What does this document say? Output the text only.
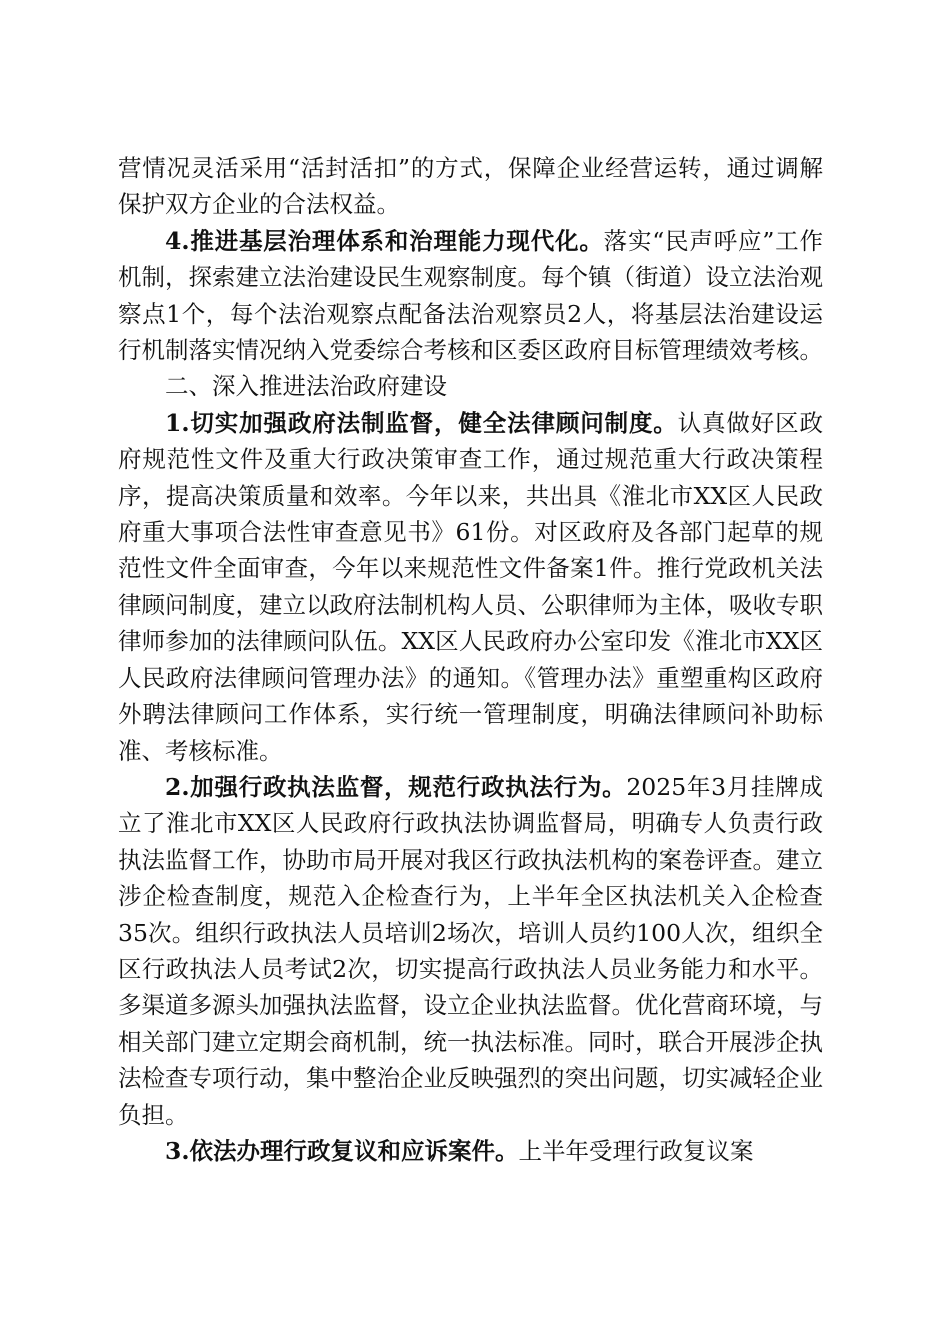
营情况灵活采用“活封活扣”的方式，保障企业经营运转，通过调解保护双方企业的合法权益。

4.推进基层治理体系和治理能力现代化。落实“民声呼应”工作机制，探索建立法治建设民生观察制度。每个镇（街道）设立法治观察点1个，每个法治观察点配备法治观察员2人，将基层法治建设运行机制落实情况纳入党委综合考核和区委区政府目标管理绩效考核。

二、深入推进法治政府建设

1.切实加强政府法制监督，健全法律顾问制度。认真做好区政府规范性文件及重大行政决策审查工作，通过规范重大行政决策程序，提高决策质量和效率。今年以来，共出具《淮北市XX区人民政府重大事项合法性审查意见书》61份。对区政府及各部门起草的规范性文件全面审查，今年以来规范性文件备案1件。推行党政机关法律顾问制度，建立以政府法制机构人员、公职律师为主体，吸收专职律师参加的法律顾问队伍。XX区人民政府办公室印发《淮北市XX区人民政府法律顾问管理办法》的通知。《管理办法》重塑重构区政府外聘法律顾问工作体系，实行统一管理制度，明确法律顾问补助标准、考核标准。

2.加强行政执法监督，规范行政执法行为。2025年3月挂牌成立了淮北市XX区人民政府行政执法协调监督局，明确专人负责行政执法监督工作，协助市局开展对我区行政执法机构的案卷评查。建立涉企检查制度，规范入企检查行为，上半年全区执法机关入企检查35次。组织行政执法人员培训2场次，培训人员约100人次，组织全区行政执法人员考试2次，切实提高行政执法人员业务能力和水平。多渠道多源头加强执法监督，设立企业执法监督。优化营商环境，与相关部门建立定期会商机制，统一执法标准。同时，联合开展涉企执法检查专项行动，集中整治企业反映强烈的突出问题，切实减轻企业负担。

3.依法办理行政复议和应诉案件。上半年受理行政复议案
